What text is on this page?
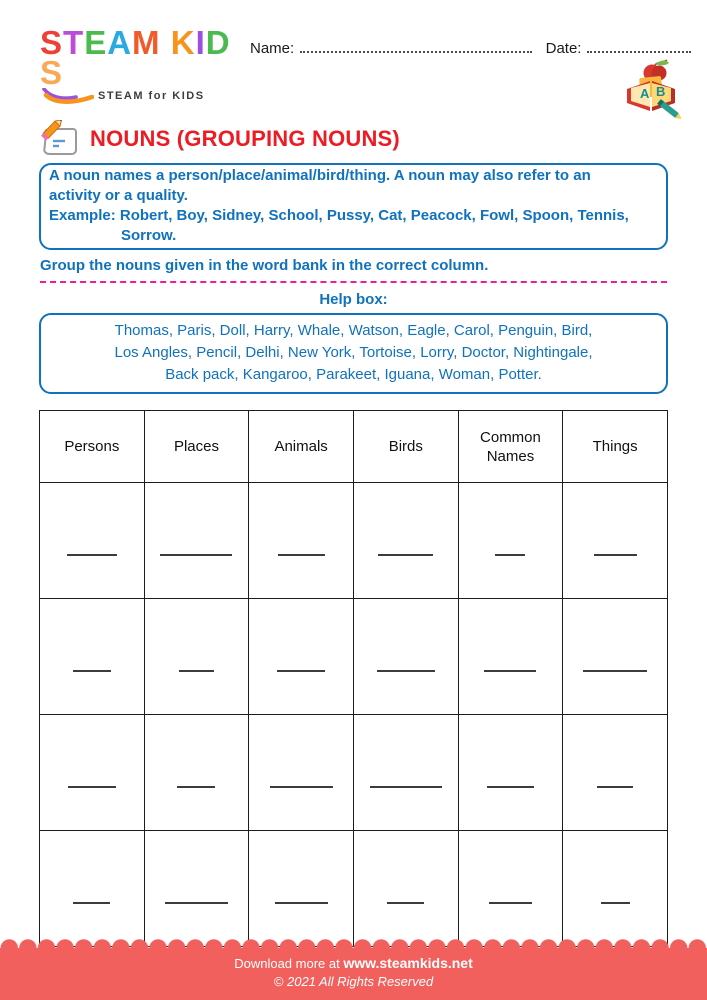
STEAM KIDS
STEAM for KIDS
Name:	Date:
A B
NOUNS (GROUPING NOUNS)
A noun names a person/place/animal/bird/thing. A noun may also refer to an
activity or a quality.
Example: Robert, Boy, Sidney, School, Pussy, Cat, Peacock, Fowl, Spoon, Tennis,
Sorrow.
Group the nouns given in the word bank in the correct column.
Help box:
Thomas, Paris, Doll, Harry, Whale, Watson, Eagle, Carol, Penguin, Bird,
Los Angles, Pencil, Delhi, New York, Tortoise, Lorry, Doctor, Nightingale,
Back pack, Kangaroo, Parakeet, Iguana, Woman, Potter.
Persons	Places	Animals	Birds	Common Names	Things

Download more at www.steamkids.net
© 2021 All Rights Reserved
